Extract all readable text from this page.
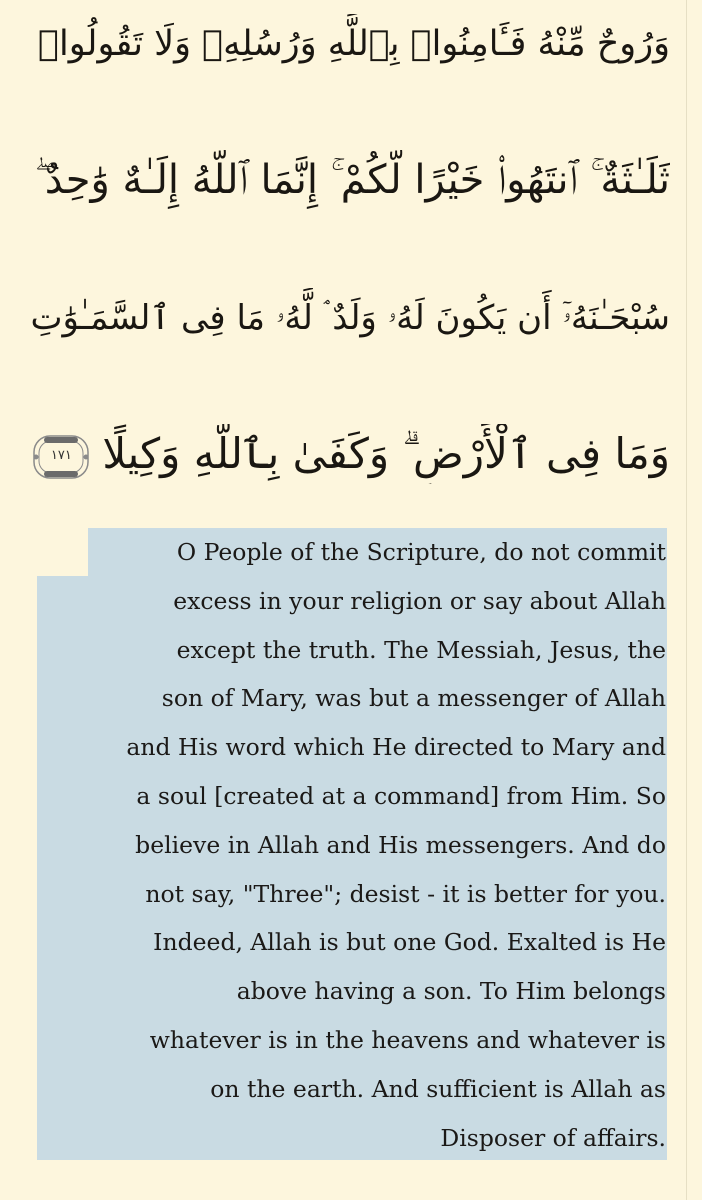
وَرُوحٌ مِّنْهُ فَـَٔامِنُوا۟ بِٱللَّهِ وَرُسُلِهِۦ وَلَا تَقُولُوا۟
ثَلَـٰثَةٌ ۚ ٱنتَهُوا۟ خَيْرًا لَّكُمْ ۚ إِنَّمَا ٱللَّهُ إِلَـٰهٌ وَٰحِدٌ ۖ
سُبْحَـٰنَهُۥٓ أَن يَكُونَ لَهُۥ وَلَدٌ ۘ لَّهُۥ مَا فِى ٱلسَّمَـٰوَٰتِ
وَمَا فِى ٱلْأَرْضِ ۗ وَكَفَىٰ بِٱللَّهِ وَكِيلًا
١٧١

O People of the Scripture, do not commit
excess in your religion or say about Allah
except the truth. The Messiah, Jesus, the
son of Mary, was but a messenger of Allah
and His word which He directed to Mary and
a soul [created at a command] from Him. So
believe in Allah and His messengers. And do
not say, "Three"; desist - it is better for you.
Indeed, Allah is but one God. Exalted is He
above having a son. To Him belongs
whatever is in the heavens and whatever is
on the earth. And sufficient is Allah as
Disposer of affairs.
